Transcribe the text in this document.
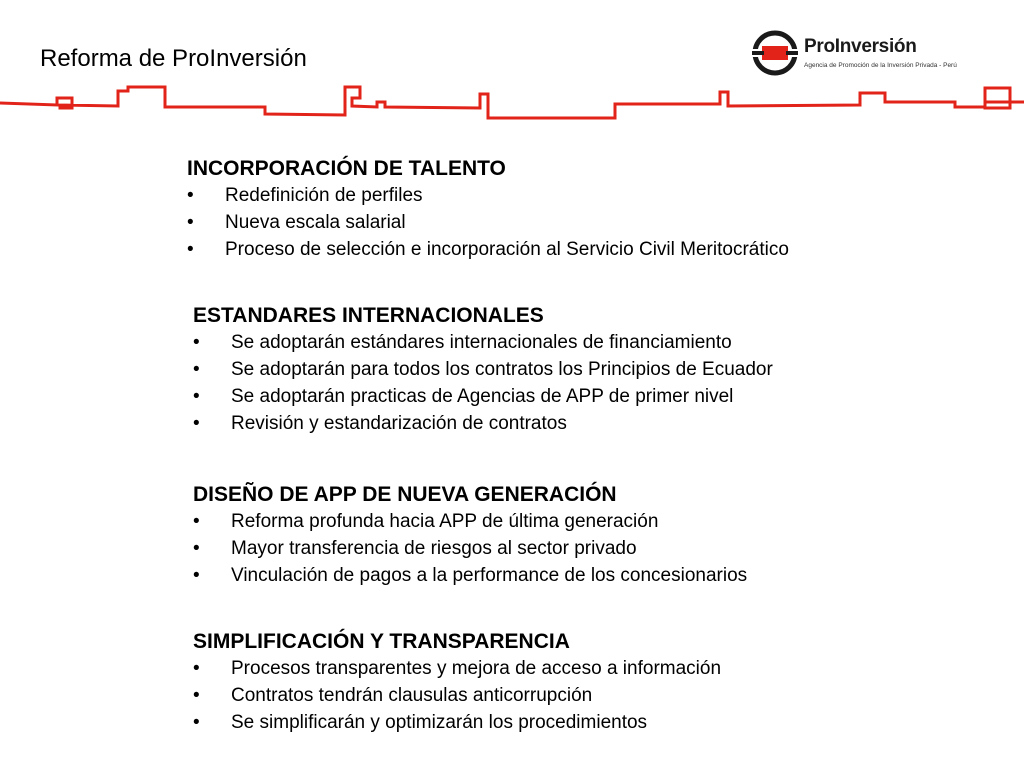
Reforma de ProInversión	ProInversión
Agencia de Promoción de la Inversión Privada - Perú
INCORPORACIÓN DE TALENTO
• Redefinición de perfiles
• Nueva escala salarial
• Proceso de selección e incorporación al Servicio Civil Meritocrático
ESTANDARES INTERNACIONALES
• Se adoptarán estándares internacionales de financiamiento
• Se adoptarán para todos los contratos los Principios de Ecuador
• Se adoptarán practicas de Agencias de APP de primer nivel
• Revisión y estandarización de contratos
DISEÑO DE APP DE NUEVA GENERACIÓN
• Reforma profunda hacia APP de última generación
• Mayor transferencia de riesgos al sector privado
• Vinculación de pagos a la performance de los concesionarios
SIMPLIFICACIÓN Y TRANSPARENCIA
• Procesos transparentes y mejora de acceso a información
• Contratos tendrán clausulas anticorrupción
• Se simplificarán y optimizarán los procedimientos
